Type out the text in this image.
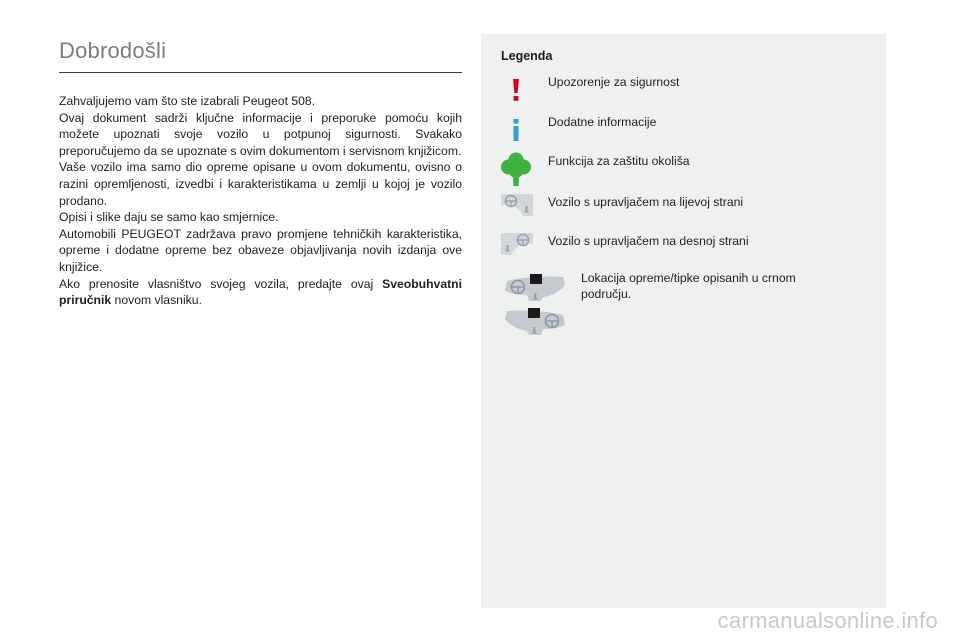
Dobrodošli

Zahvaljujemo vam što ste izabrali Peugeot 508.

Ovaj dokument sadrži ključne informacije i preporuke pomoću kojih možete upoznati svoje vozilo u potpunoj sigurnosti. Svakako preporučujemo da se upoznate s ovim dokumentom i servisnom knjižicom.

Vaše vozilo ima samo dio opreme opisane u ovom dokumentu, ovisno o razini opremljenosti, izvedbi i karakteristikama u zemlji u kojoj je vozilo prodano.

Opisi i slike daju se samo kao smjernice.

Automobili PEUGEOT zadržava pravo promjene tehničkih karakteristika, opreme i dodatne opreme bez obaveze objavljivanja novih izdanja ove knjižice.

Ako prenosite vlasništvo svojeg vozila, predajte ovaj Sveobuhvatni priručnik novom vlasniku.

Legenda
Upozorenje za sigurnost
Dodatne informacije
Funkcija za zaštitu okoliša
Vozilo s upravljačem na lijevoj strani
Vozilo s upravljačem na desnoj strani
Lokacija opreme/tipke opisanih u crnom području.
carmanualsonline.info
